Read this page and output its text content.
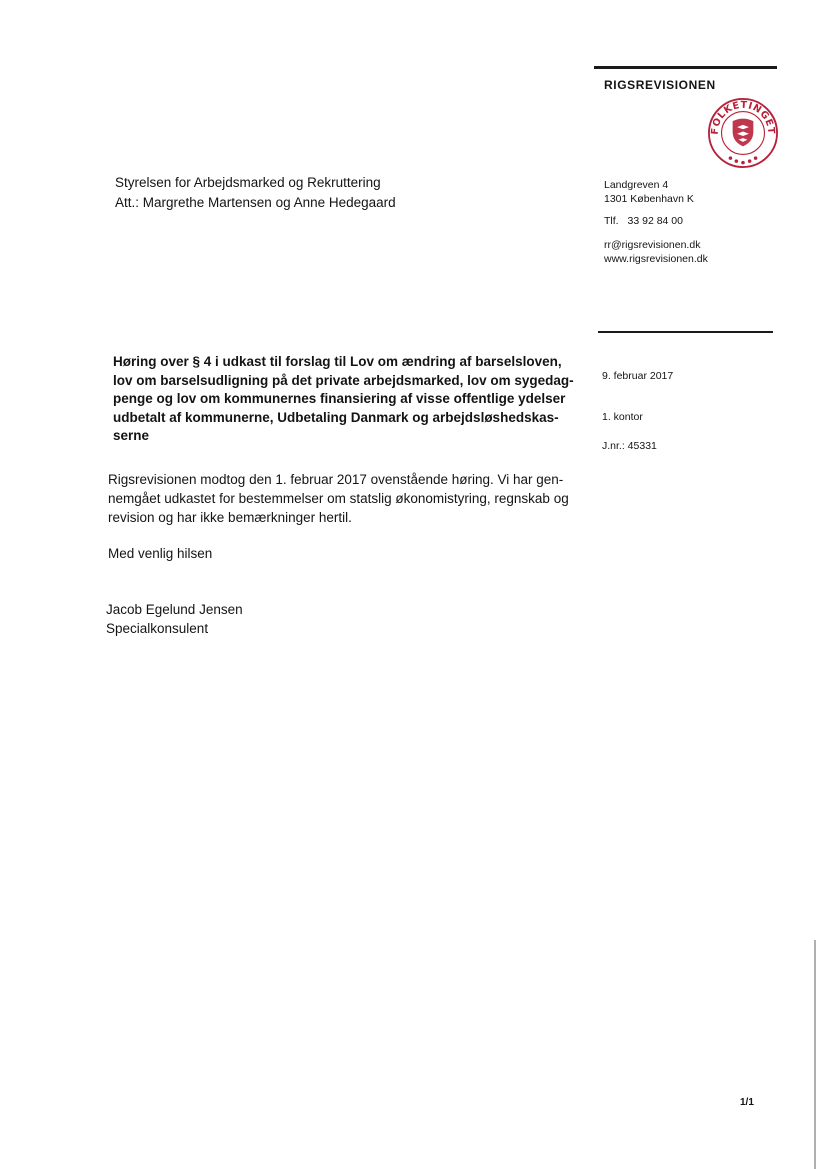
RIGSREVISIONEN
FOLKETINGET
Styrelsen for Arbejdsmarked og Rekruttering
Att.: Margrethe Martensen og Anne Hedegaard
Landgreven 4
1301 København K
Tlf. 33 92 84 00
rr@rigsrevisionen.dk
www.rigsrevisionen.dk
9. februar 2017
1. kontor
J.nr.: 45331
Høring over § 4 i udkast til forslag til Lov om ændring af barselsloven,
lov om barselsudligning på det private arbejdsmarked, lov om sygedag-
penge og lov om kommunernes finansiering af visse offentlige ydelser
udbetalt af kommunerne, Udbetaling Danmark og arbejdsløshedskas-
serne
Rigsrevisionen modtog den 1. februar 2017 ovenstående høring. Vi har gen-
nemgået udkastet for bestemmelser om statslig økonomistyring, regnskab og
revision og har ikke bemærkninger hertil.
Med venlig hilsen
Jacob Egelund Jensen
Specialkonsulent
1/1
